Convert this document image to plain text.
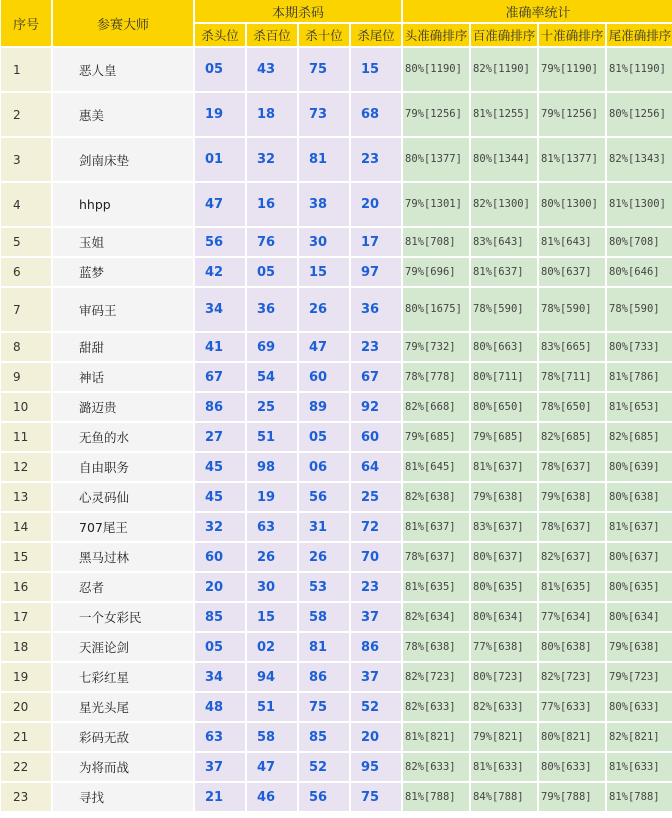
序号	参赛大师	本期杀码				准确率统计			
		杀头位	杀百位	杀十位	杀尾位	头准确排序	百准确排序	十准确排序	尾准确排序
1	恶人皇	05	43	75	15	80%[1190]	82%[1190]	79%[1190]	81%[1190]
2	惠美	19	18	73	68	79%[1256]	81%[1255]	79%[1256]	80%[1256]
3	剑南床垫	01	32	81	23	80%[1377]	80%[1344]	81%[1377]	82%[1343]
4	hhpp	47	16	38	20	79%[1301]	82%[1300]	80%[1300]	81%[1300]
5	玉姐	56	76	30	17	81%[708]	83%[643]	81%[643]	80%[708]
6	蓝梦	42	05	15	97	79%[696]	81%[637]	80%[637]	80%[646]
7	审码王	34	36	26	36	80%[1675]	78%[590]	78%[590]	78%[590]
8	甜甜	41	69	47	23	79%[732]	80%[663]	83%[665]	80%[733]
9	神话	67	54	60	67	78%[778]	80%[711]	78%[711]	81%[786]
10	潞迈贵	86	25	89	92	82%[668]	80%[650]	78%[650]	81%[653]
11	无鱼的水	27	51	05	60	79%[685]	79%[685]	82%[685]	82%[685]
12	自由职务	45	98	06	64	81%[645]	81%[637]	78%[637]	80%[639]
13	心灵码仙	45	19	56	25	82%[638]	79%[638]	79%[638]	80%[638]
14	707尾王	32	63	31	72	81%[637]	83%[637]	78%[637]	81%[637]
15	黑马过林	60	26	26	70	78%[637]	80%[637]	82%[637]	80%[637]
16	忍者	20	30	53	23	81%[635]	80%[635]	81%[635]	80%[635]
17	一个女彩民	85	15	58	37	82%[634]	80%[634]	77%[634]	80%[634]
18	天涯论剑	05	02	81	86	78%[638]	77%[638]	80%[638]	79%[638]
19	七彩红星	34	94	86	37	82%[723]	80%[723]	82%[723]	79%[723]
20	星光头尾	48	51	75	52	82%[633]	82%[633]	77%[633]	80%[633]
21	彩码无敌	63	58	85	20	81%[821]	79%[821]	80%[821]	82%[821]
22	为将而战	37	47	52	95	82%[633]	81%[633]	80%[633]	81%[633]
23	寻找	21	46	56	75	81%[788]	84%[788]	79%[788]	81%[788]
